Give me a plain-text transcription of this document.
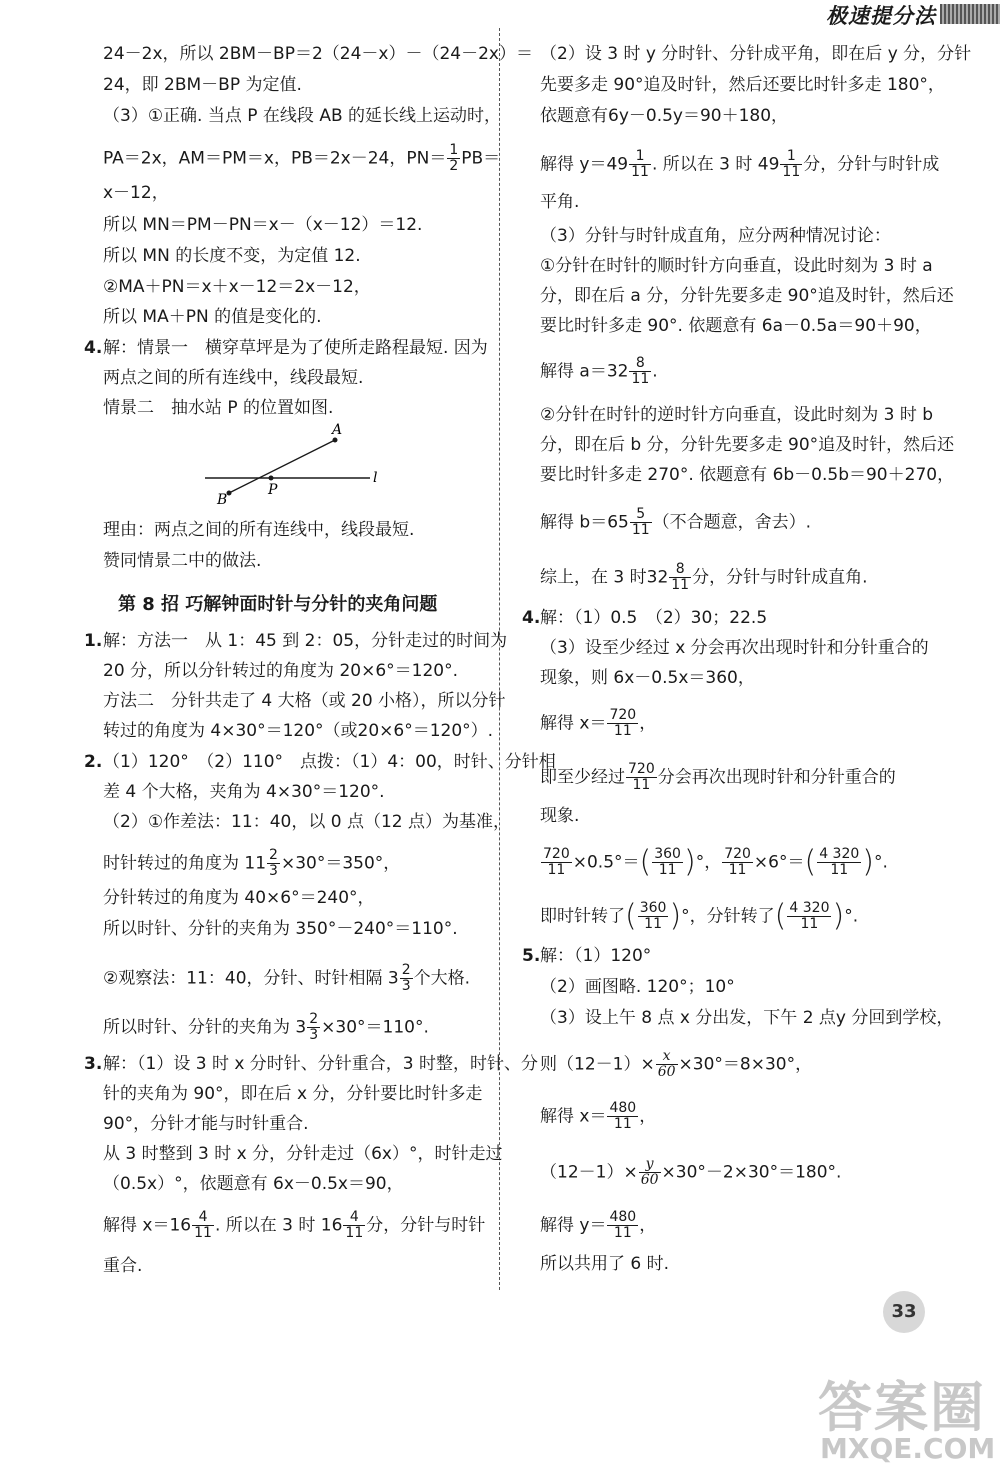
极速提分法
24－2x，所以 2BM－BP＝2（24－x）－（24－2x）＝
24，即 2BM－BP 为定值.
（3）①正确. 当点 P 在线段 AB 的延长线上运动时，
PA＝2x，AM＝PM＝x，PB＝2x－24，$PN= \frac{1}{2} PB=$
x－12，
所以 MN＝PM－PN＝x－（x－12）＝12.
所以 MN 的长度不变，为定值 12.
②MA＋PN＝x＋x－12＝2x－12，
所以 MA＋PN 的值是变化的.
4. 解：情景一　横穿草坪是为了使所走路程最短. 因为
两点之间的所有连线中，线段最短.
情景二　抽水站 P 的位置如图.
A
B
P
l
理由：两点之间的所有连线中，线段最短.
赞同情景二中的做法.
第 8 招 巧解钟面时针与分针的夹角问题
1. 解：方法一　从 1：45 到 2：05，分针走过的时间为
20 分，所以分针转过的角度为 20×6°＝120°.
方法二　分针共走了 4 大格（或 20 小格），所以分针
转过的角度为 4×30°＝120°（或20×6°＝120°）.
2. （1）120°　（2）110°　点拨：（1）4：00，时针、分针相
差 4 个大格，夹角为 4×30°＝120°.
（2）①作差法：11：40，以 0 点（12 点）为基准，
时针转过的角度为 $11 \frac{2}{3} \times 30^\circ=350^\circ$，
分针转过的角度为 40×6°＝240°，
所以时针、分针的夹角为 350°－240°＝110°.
②观察法：11：40，分针、时针相隔 $3 \frac{2}{3}$ 个大格.
所以时针、分针的夹角为 $3 \frac{2}{3} \times 30^\circ=110^\circ$.
3. 解：（1）设 3 时 x 分时针、分针重合，3 时整，时针、分
针的夹角为 90°，即在后 x 分，分针要比时针多走
90°，分针才能与时针重合.
从 3 时整到 3 时 x 分，分针走过（6x）°，时针走过
（0.5x）°，依题意有 6x－0.5x＝90，
解得 $x=16 \frac{4}{11}$ . 所以在 3 时 $16 \frac{4}{11}$ 分，分针与时针
重合.
（2）设 3 时 y 分时针、分针成平角，即在后 y 分，分针
先要多走 90°追及时针，然后还要比时针多走 180°，
依题意有6y－0.5y＝90＋180，
解得 $y=49 \frac{1}{11}$ . 所以在 3 时 $49 \frac{1}{11}$ 分，分针与时针成
平角.
（3）分针与时针成直角，应分两种情况讨论：
①分针在时针的顺时针方向垂直，设此时刻为 3 时 a
分，即在后 a 分，分针先要多走 90°追及时针，然后还
要比时针多走 90°. 依题意有 6a－0.5a＝90＋90，
解得 $a=32 \frac{8}{11}$ .
②分针在时针的逆时针方向垂直，设此时刻为 3 时 b
分，即在后 b 分，分针先要多走 90°追及时针，然后还
要比时针多走 270°. 依题意有 6b－0.5b＝90＋270，
解得 $b=65 \frac{5}{11}$ （不合题意，舍去）.
综上，在 3 时$32 \frac{8}{11}$ 分，分针与时针成直角.
4. 解：（1）0.5　（2）30；22.5
（3）设至少经过 x 分会再次出现时针和分针重合的
现象，则 6x－0.5x＝360，
解得 $x= \frac{720}{11}$ ，
即至少经过 $\frac{720}{11}$ 分会再次出现时针和分针重合的
现象.
$\frac{720}{11} \times 0.5^\circ=( \frac{360}{11}$ )°， $\frac{720}{11} \times 6^\circ=( \frac{4 320}{11}$ )°.
即时针转了( $\frac{360}{11}$ )°，分针转了( $\frac{4 320}{11}$ )°.
5. 解：（1）120°
（2）画图略. 120°；10°
（3）设上午 8 点 x 分出发，下午 2 点y 分回到学校，
则$(12-1)\times \frac{x}{60} \times 30^\circ=8\times 30^\circ$，
解得 $x= \frac{480}{11}$ ，
$(12-1)\times \frac{y}{60} \times 30^\circ-2\times 30^\circ=180^\circ$.
解得 $y= \frac{480}{11}$ ，
所以共用了 6 时.
33
答案圈
MXQE.COM
